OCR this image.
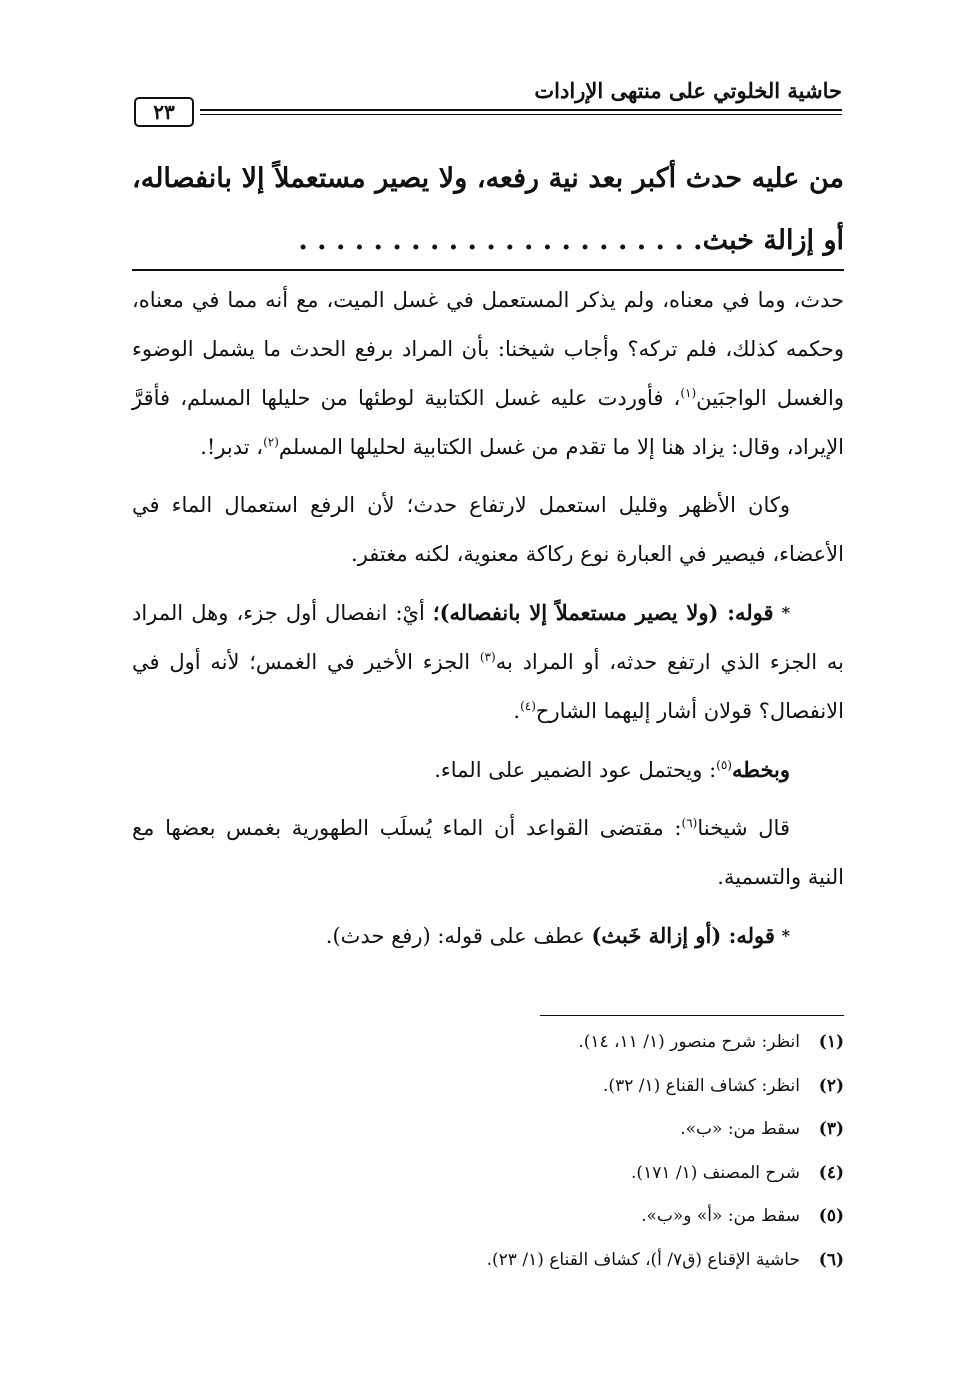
حاشية الخلوتي على منتهى الإرادات
٢٣
من عليه حدث أكبر بعد نية رفعه، ولا يصير مستعملاً إلا بانفصاله، أو إزالة خبث. . . . . . . . . . . . . . . . . . . . . .

حدث، وما في معناه، ولم يذكر المستعمل في غسل الميت، مع أنه مما في معناه، وحكمه كذلك، فلم تركه؟ وأجاب شيخنا: بأن المراد برفع الحدث ما يشمل الوضوء والغسل الواجبَين$^{(١)}$، فأوردت عليه غسل الكتابية لوطئها من حليلها المسلم، فأقرَّ الإيراد، وقال: يزاد هنا إلا ما تقدم من غسل الكتابية لحليلها المسلم$^{(٢)}$، تدبر!.

وكان الأظهر وقليل استعمل لارتفاع حدث؛ لأن الرفع استعمال الماء في الأعضاء، فيصير في العبارة نوع ركاكة معنوية، لكنه مغتفر.

* قوله: (ولا يصير مستعملاً إلا بانفصاله)؛ أيْ: انفصال أول جزء، وهل المراد به الجزء الذي ارتفع حدثه، أو المراد به$^{(٣)}$ الجزء الأخير في الغمس؛ لأنه أول في الانفصال؟ قولان أشار إليهما الشارح$^{(٤)}$.

وبخطه$^{(٥)}$: ويحتمل عود الضمير على الماء.

قال شيخنا$^{(٦)}$: مقتضى القواعد أن الماء يُسلَب الطهورية بغمس بعضها مع النية والتسمية.

* قوله: (أو إزالة خَبث) عطف على قوله: (رفع حدث).

(١)انظر: شرح منصور (١/ ١١، ١٤).
(٢)انظر: كشاف القناع (١/ ٣٢).
(٣)سقط من: «ب».
(٤)شرح المصنف (١/ ١٧١).
(٥)سقط من: «أ» و«ب».
(٦)حاشية الإقناع (ق٧/ أ)، كشاف القناع (١/ ٢٣).
